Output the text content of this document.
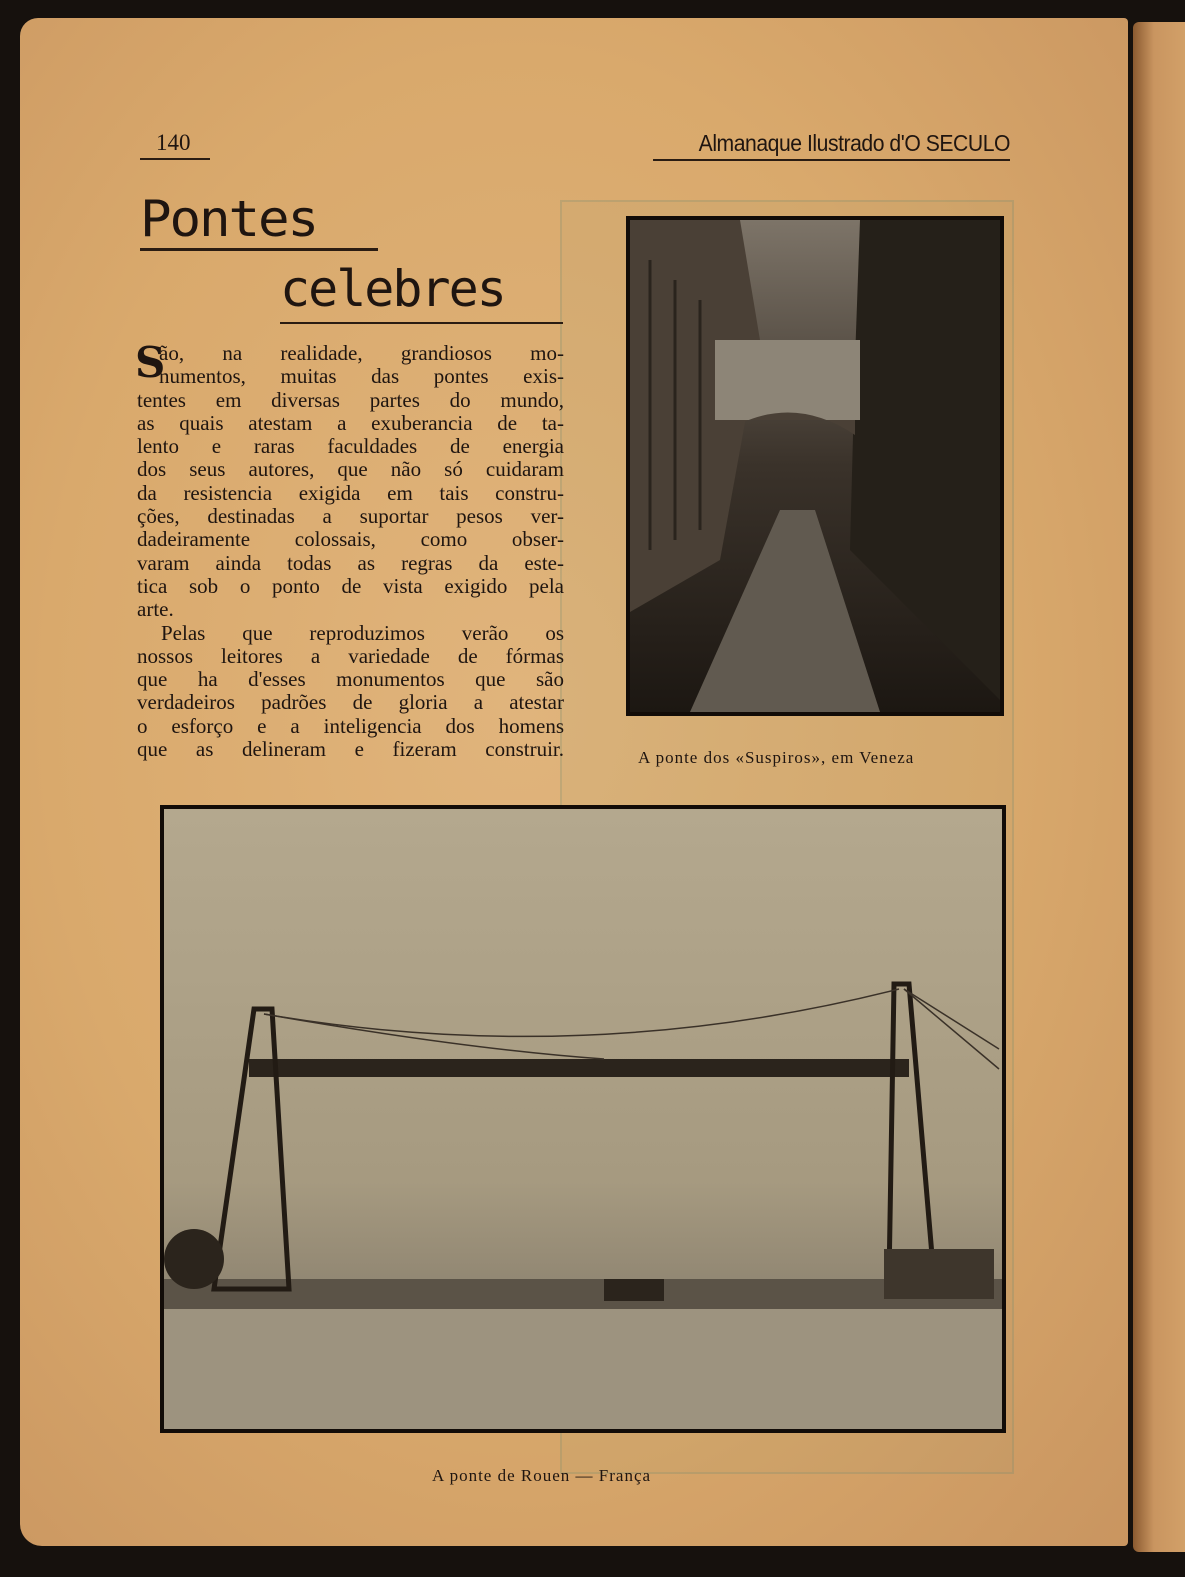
140	Almanaque Ilustrado d'O SECULO
Pontes
celebres
S
ão, na realidade, grandiosos mo-
numentos, muitas das pontes exis-
tentes em diversas partes do mundo,
as quais atestam a exuberancia de ta-
lento e raras faculdades de energia
dos seus autores, que não só cuidaram
da resistencia exigida em tais constru-
ções, destinadas a suportar pesos ver-
dadeiramente colossais, como obser-
varam ainda todas as regras da este-
tica sob o ponto de vista exigido pela
arte.
Pelas que reproduzimos verão os
nossos leitores a variedade de fórmas
que ha d'esses monumentos que são
verdadeiros padrões de gloria a atestar
o esforço e a inteligencia dos homens
que as delineram e fizeram construir.	A ponte dos «Suspiros», em Veneza
A ponte de Rouen — França
